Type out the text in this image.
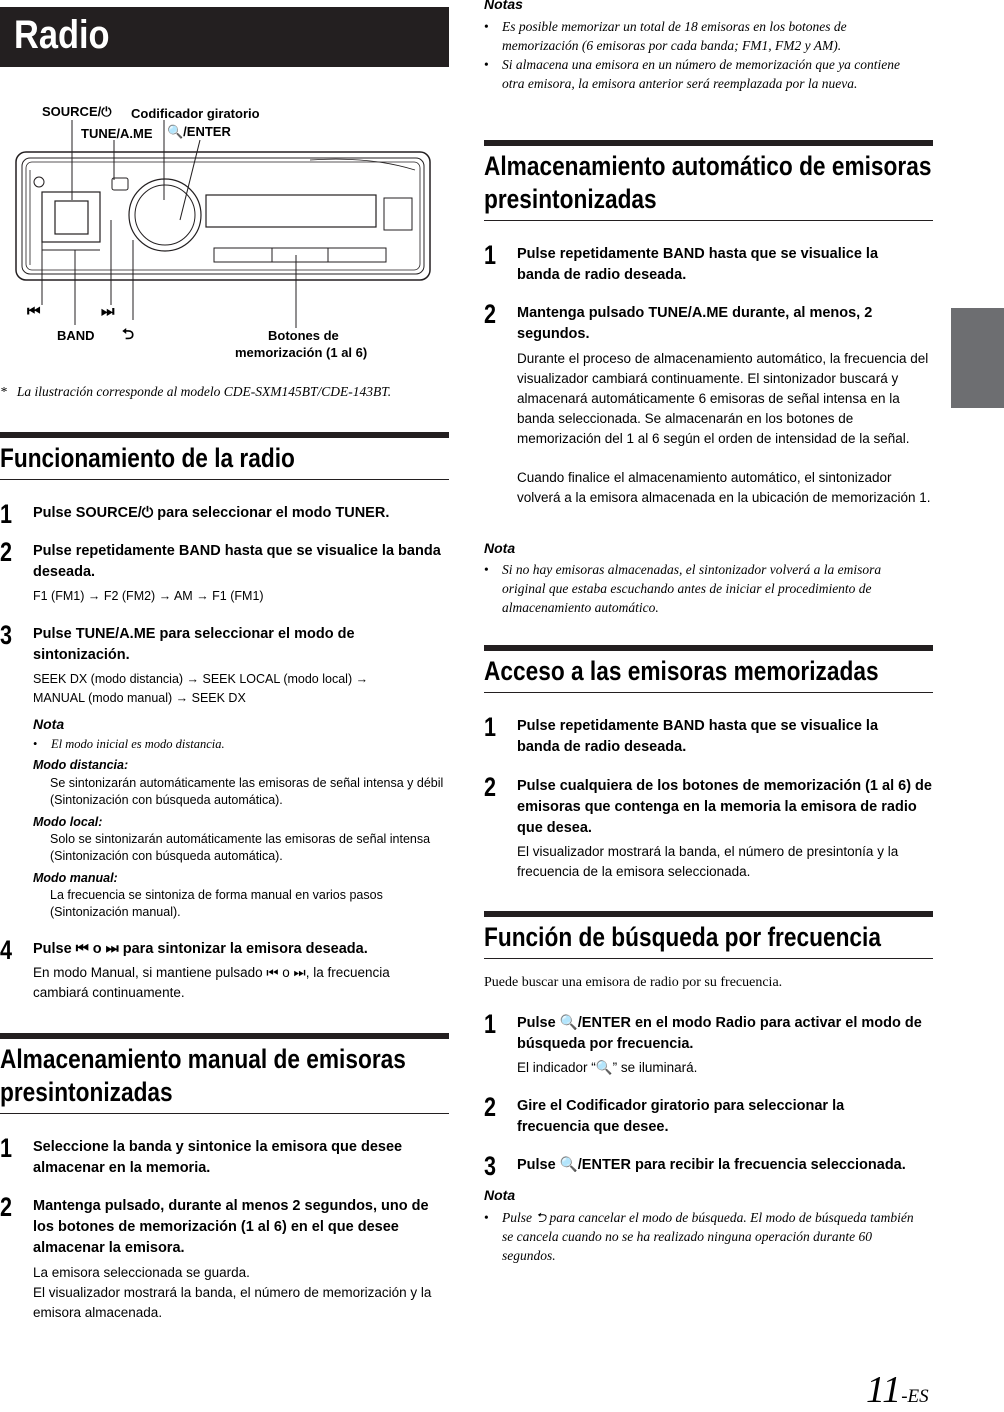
Radio
SOURCE/⏻ Codificador giratorio
TUNE/A.ME 🔍/ENTER
⏮	⏭
BAND ⮌	Botones de
memorización (1 al 6)
*   La ilustración corresponde al modelo CDE-SXM145BT/CDE-143BT.
Funcionamiento de la radio
1 Pulse SOURCE/⏻ para seleccionar el modo TUNER.
2 Pulse repetidamente BAND hasta que se visualice la banda deseada.
F1 (FM1) → F2 (FM2) → AM → F1 (FM1)
3 Pulse TUNE/A.ME para seleccionar el modo de sintonización.
SEEK DX (modo distancia) → SEEK LOCAL (modo local) →
MANUAL (modo manual) → SEEK DX
Nota
• El modo inicial es modo distancia.
Modo distancia:
Se sintonizarán automáticamente las emisoras de señal intensa y débil (Sintonización con búsqueda automática).
Modo local:
Solo se sintonizarán automáticamente las emisoras de señal intensa (Sintonización con búsqueda automática).
Modo manual:
La frecuencia se sintoniza de forma manual en varios pasos (Sintonización manual).
4 Pulse ⏮ o ⏭ para sintonizar la emisora deseada.
En modo Manual, si mantiene pulsado ⏮ o ⏭, la frecuencia cambiará continuamente.
Almacenamiento manual de emisoras
presintonizadas
1 Seleccione la banda y sintonice la emisora que desee almacenar en la memoria.
2 Mantenga pulsado, durante al menos 2 segundos, uno de los botones de memorización (1 al 6) en el que desee almacenar la emisora.
La emisora seleccionada se guarda.
El visualizador mostrará la banda, el número de memorización y la emisora almacenada.
Notas
• Es posible memorizar un total de 18 emisoras en los botones de memorización (6 emisoras por cada banda; FM1, FM2 y AM).
• Si almacena una emisora en un número de memorización que ya contiene otra emisora, la emisora anterior será reemplazada por la nueva.
Almacenamiento automático de emisoras
presintonizadas
1 Pulse repetidamente BAND hasta que se visualice la banda de radio deseada.
2 Mantenga pulsado TUNE/A.ME durante, al menos, 2 segundos.
Durante el proceso de almacenamiento automático, la frecuencia del visualizador cambiará continuamente. El sintonizador buscará y almacenará automáticamente 6 emisoras de señal intensa en la banda seleccionada. Se almacenarán en los botones de memorización del 1 al 6 según el orden de intensidad de la señal.
Cuando finalice el almacenamiento automático, el sintonizador volverá a la emisora almacenada en la ubicación de memorización 1.
Nota
• Si no hay emisoras almacenadas, el sintonizador volverá a la emisora original que estaba escuchando antes de iniciar el procedimiento de almacenamiento automático.
Acceso a las emisoras memorizadas
1 Pulse repetidamente BAND hasta que se visualice la banda de radio deseada.
2 Pulse cualquiera de los botones de memorización (1 al 6) de emisoras que contenga en la memoria la emisora de radio que desea.
El visualizador mostrará la banda, el número de presintonía y la frecuencia de la emisora seleccionada.
Función de búsqueda por frecuencia
Puede buscar una emisora de radio por su frecuencia.
1 Pulse 🔍/ENTER en el modo Radio para activar el modo de búsqueda por frecuencia.
El indicador “🔍” se iluminará.
2 Gire el Codificador giratorio para seleccionar la frecuencia que desee.
3 Pulse 🔍/ENTER para recibir la frecuencia seleccionada.
Nota
• Pulse ⮌ para cancelar el modo de búsqueda. El modo de búsqueda también se cancela cuando no se ha realizado ninguna operación durante 60 segundos.
11-ES
